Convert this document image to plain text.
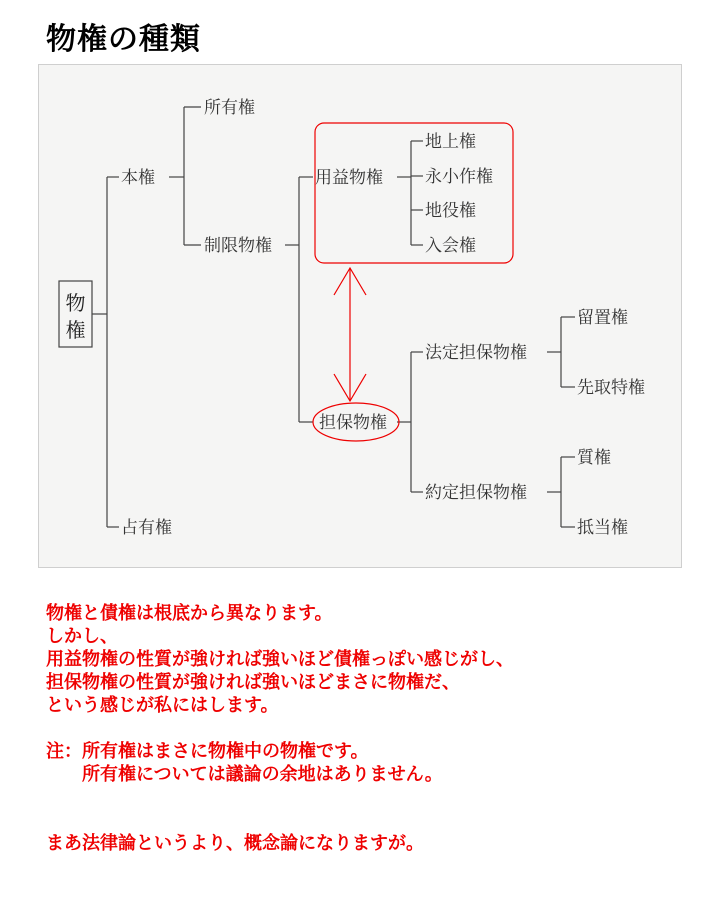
物権の種類
物
権
本権
所有権
制限物権
用益物権
地上権
永小作権
地役権
入会権
担保物権
法定担保物権
留置権
先取特権
約定担保物権
質権
抵当権
占有権

物権と債権は根底から異なります。

しかし、

用益物権の性質が強ければ強いほど債権っぽい感じがし、

担保物権の性質が強ければ強いほどまさに物権だ、

という感じが私にはします。

注：所有権はまさに物権中の物権です。

　　所有権については議論の余地はありません。

まあ法律論というより、概念論になりますが。
